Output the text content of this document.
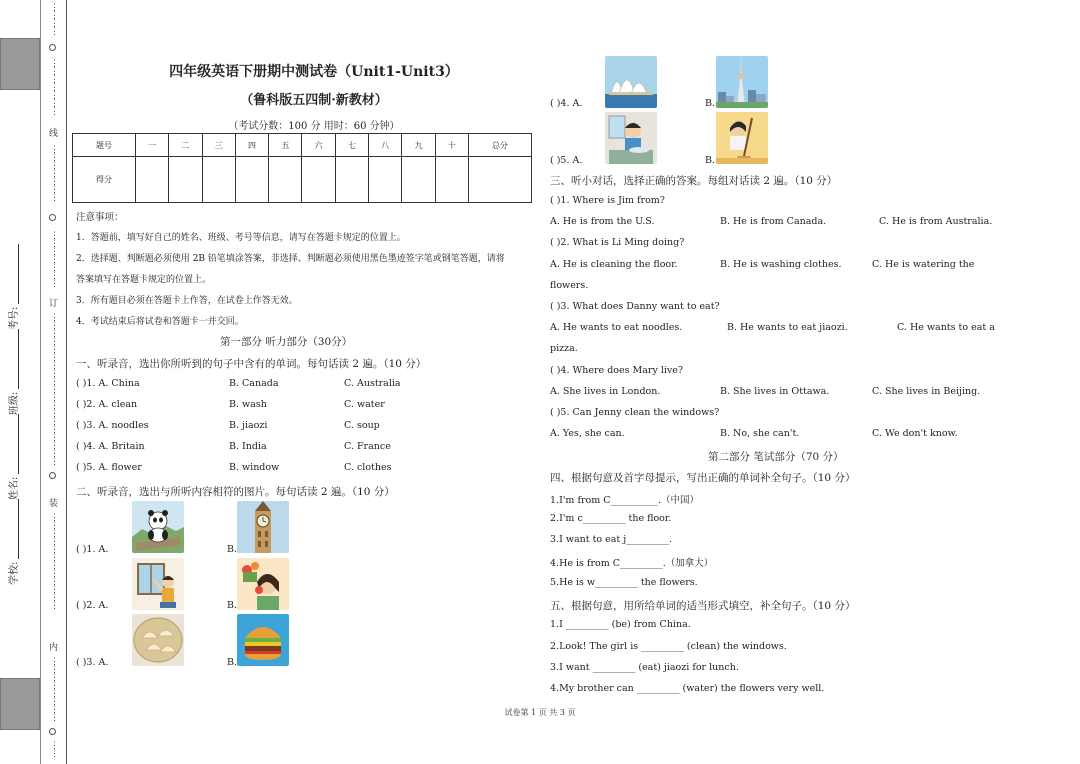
⋮
⋮
⋮
⋮
⋮
⋮
⋮
⋮
⋮
⋮
⋮
线
⋮
⋮
⋮
⋮
⋮
⋮
⋮
⋮
⋮
⋮
⋮
⋮
⋮
⋮
订
⋮
⋮
⋮
⋮
⋮
⋮
⋮
⋮
⋮
⋮
⋮
⋮
⋮
⋮
⋮
⋮
⋮
⋮
⋮
装
⋮
⋮
⋮
⋮
⋮
⋮
⋮
⋮
⋮
⋮
⋮
⋮
内
⋮
⋮
⋮
⋮
⋮
⋮
⋮
⋮
⋮
⋮
学校:
姓名:
班级:
考号:
四年级英语下册期中测试卷（Unit1-Unit3）
（鲁科版五四制·新教材）
（考试分数：100 分 用时：60 分钟）
题号	一	二	三	四	五	六	七	八	九	十	总分
得分											
注意事项：
1．答题前，填写好自己的姓名、班级、考号等信息，请写在答题卡规定的位置上。
2．选择题、判断题必须使用 2B 铅笔填涂答案，非选择、判断题必须使用黑色墨迹签字笔或钢笔答题，请将
答案填写在答题卡规定的位置上。
3．所有题目必须在答题卡上作答，在试卷上作答无效。
4．考试结束后将试卷和答题卡一并交回。
第一部分 听力部分（30分）
一、听录音，选出你所听到的句子中含有的单词。每句话读 2 遍。（10 分）
( )1. A. China	B. Canada	C. Australia
( )2. A. clean	B. wash	C. water
( )3. A. noodles	B. jiaozi	C. soup
( )4. A. Britain	B. India	C. France
( )5. A. flower	B. window	C. clothes
二、听录音，选出与所听内容相符的图片。每句话读 2 遍。（10 分）
( )1. A.	B.
( )2. A.	B.
( )3. A.	B.
( )4. A.	B.
( )5. A.	B.
三、听小对话，选择正确的答案。每组对话读 2 遍。（10 分）
( )1. Where is Jim from?
A. He is from the U.S.	B. He is from Canada.	C. He is from Australia.
( )2. What is Li Ming doing?
A. He is cleaning the floor.	B. He is washing clothes.	C. He is watering the
flowers.
( )3. What does Danny want to eat?
A. He wants to eat noodles.	B. He wants to eat jiaozi.	C. He wants to eat a
pizza.
( )4. Where does Mary live?
A. She lives in London.	B. She lives in Ottawa.	C. She lives in Beijing.
( )5. Can Jenny clean the windows?
A. Yes, she can.	B. No, she can't.	C. We don't know.
第二部分 笔试部分（70 分）
四、根据句意及首字母提示，写出正确的单词补全句子。（10 分）
1.I'm from C__________.（中国）
2.I'm c_________ the floor.
3.I want to eat j_________.
4.He is from C_________.（加拿大）
5.He is w_________ the flowers.
五、根据句意，用所给单词的适当形式填空，补全句子。（10 分）
1.I _________ (be) from China.
2.Look! The girl is _________ (clean) the windows.
3.I want _________ (eat) jiaozi for lunch.
4.My brother can _________ (water) the flowers very well.
试卷第 1 页 共 3 页
